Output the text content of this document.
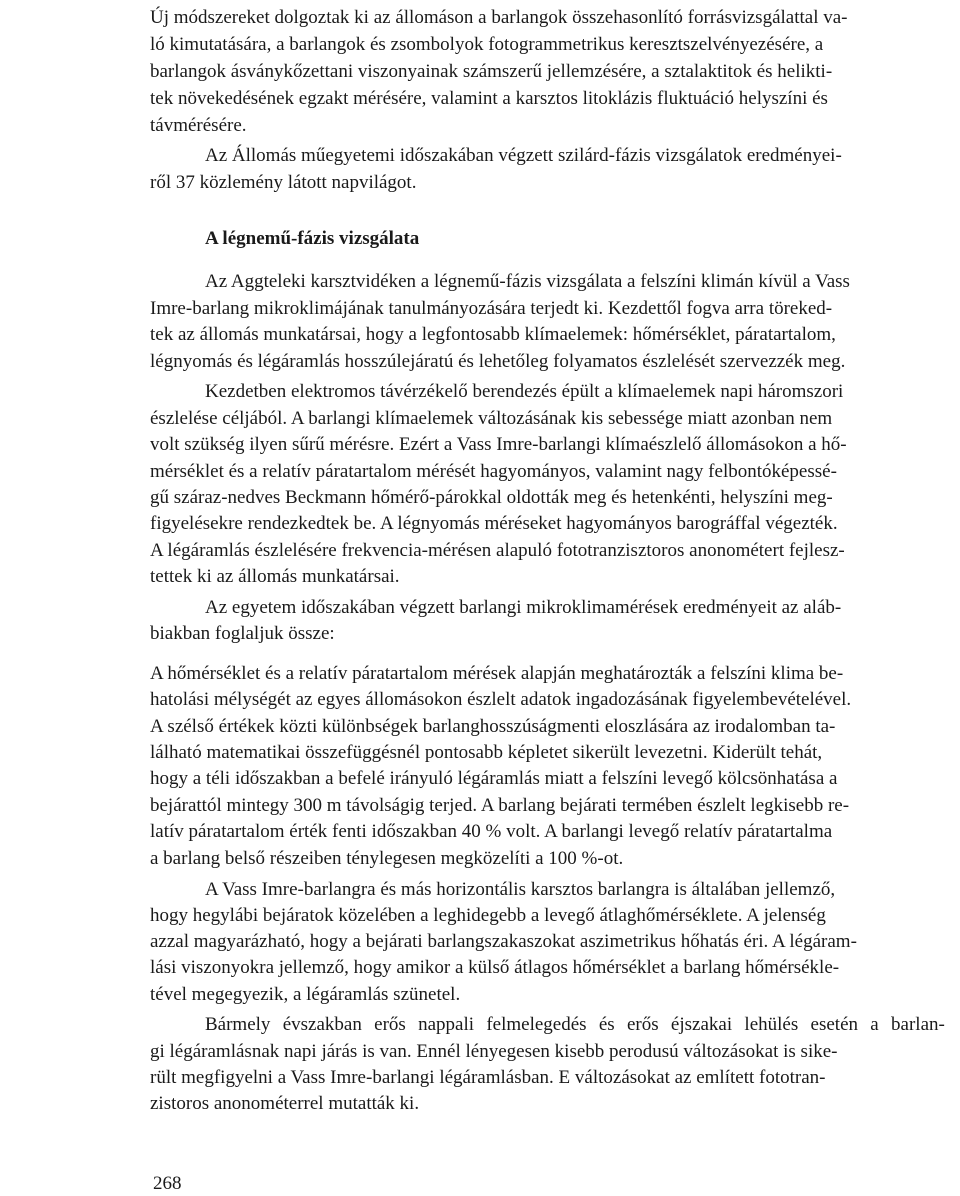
Új módszereket dolgoztak ki az állomáson a barlangok összehasonlító forrásvizsgálattal va-
ló kimutatására, a barlangok és zsombolyok fotogrammetrikus keresztszelvényezésére, a
barlangok ásványkőzettani viszonyainak számszerű jellemzésére, a sztalaktitok és helikti-
tek növekedésének egzakt mérésére, valamint a karsztos litoklázis fluktuáció helyszíni és
távmérésére.
Az Állomás műegyetemi időszakában végzett szilárd-fázis vizsgálatok eredményei-
ről 37 közlemény látott napvilágot.
A légnemű-fázis vizsgálata
Az Aggteleki karsztvidéken a légnemű-fázis vizsgálata a felszíni klimán kívül a Vass
Imre-barlang mikroklimájának tanulmányozására terjedt ki. Kezdettől fogva arra töreked-
tek az állomás munkatársai, hogy a legfontosabb klímaelemek: hőmérséklet, páratartalom,
légnyomás és légáramlás hosszúlejáratú és lehetőleg folyamatos észlelését szervezzék meg.
Kezdetben elektromos távérzékelő berendezés épült a klímaelemek napi háromszori
észlelése céljából. A barlangi klímaelemek változásának kis sebessége miatt azonban nem
volt szükség ilyen sűrű mérésre. Ezért a Vass Imre-barlangi klímaészlelő állomásokon a hő-
mérséklet és a relatív páratartalom mérését hagyományos, valamint nagy felbontóképessé-
gű száraz-nedves Beckmann hőmérő-párokkal oldották meg és hetenkénti, helyszíni meg-
figyelésekre rendezkedtek be. A légnyomás méréseket hagyományos barográffal végezték.
A légáramlás észlelésére frekvencia-mérésen alapuló fototranzisztoros anonométert fejlesz-
tettek ki az állomás munkatársai.
Az egyetem időszakában végzett barlangi mikroklimamérések eredményeit az aláb-
biakban foglaljuk össze:
A hőmérséklet és a relatív páratartalom mérések alapján meghatározták a felszíni klima be-
hatolási mélységét az egyes állomásokon észlelt adatok ingadozásának figyelembevételével.
A szélső értékek közti különbségek barlanghosszúságmenti eloszlására az irodalomban ta-
lálható matematikai összefüggésnél pontosabb képletet sikerült levezetni. Kiderült tehát,
hogy a téli időszakban a befelé irányuló légáramlás miatt a felszíni levegő kölcsönhatása a
bejárattól mintegy 300 m távolságig terjed. A barlang bejárati termében észlelt legkisebb re-
latív páratartalom érték fenti időszakban 40 % volt. A barlangi levegő relatív páratartalma
a barlang belső részeiben ténylegesen megközelíti a 100 %-ot.
A Vass Imre-barlangra és más horizontális karsztos barlangra is általában jellemző,
hogy hegylábi bejáratok közelében a leghidegebb a levegő átlaghőmérséklete. A jelenség
azzal magyarázható, hogy a bejárati barlangszakaszokat aszimetrikus hőhatás éri. A légáram-
lási viszonyokra jellemző, hogy amikor a külső átlagos hőmérséklet a barlang hőmérsékle-
tével megegyezik, a légáramlás szünetel.
Bármely évszakban erős nappali felmelegedés és erős éjszakai lehülés esetén a barlan-
gi légáramlásnak napi járás is van. Ennél lényegesen kisebb perodusú változásokat is sike-
rült megfigyelni a Vass Imre-barlangi légáramlásban. E változásokat az említett fototran-
zistoros anonométerrel mutatták ki.
268
